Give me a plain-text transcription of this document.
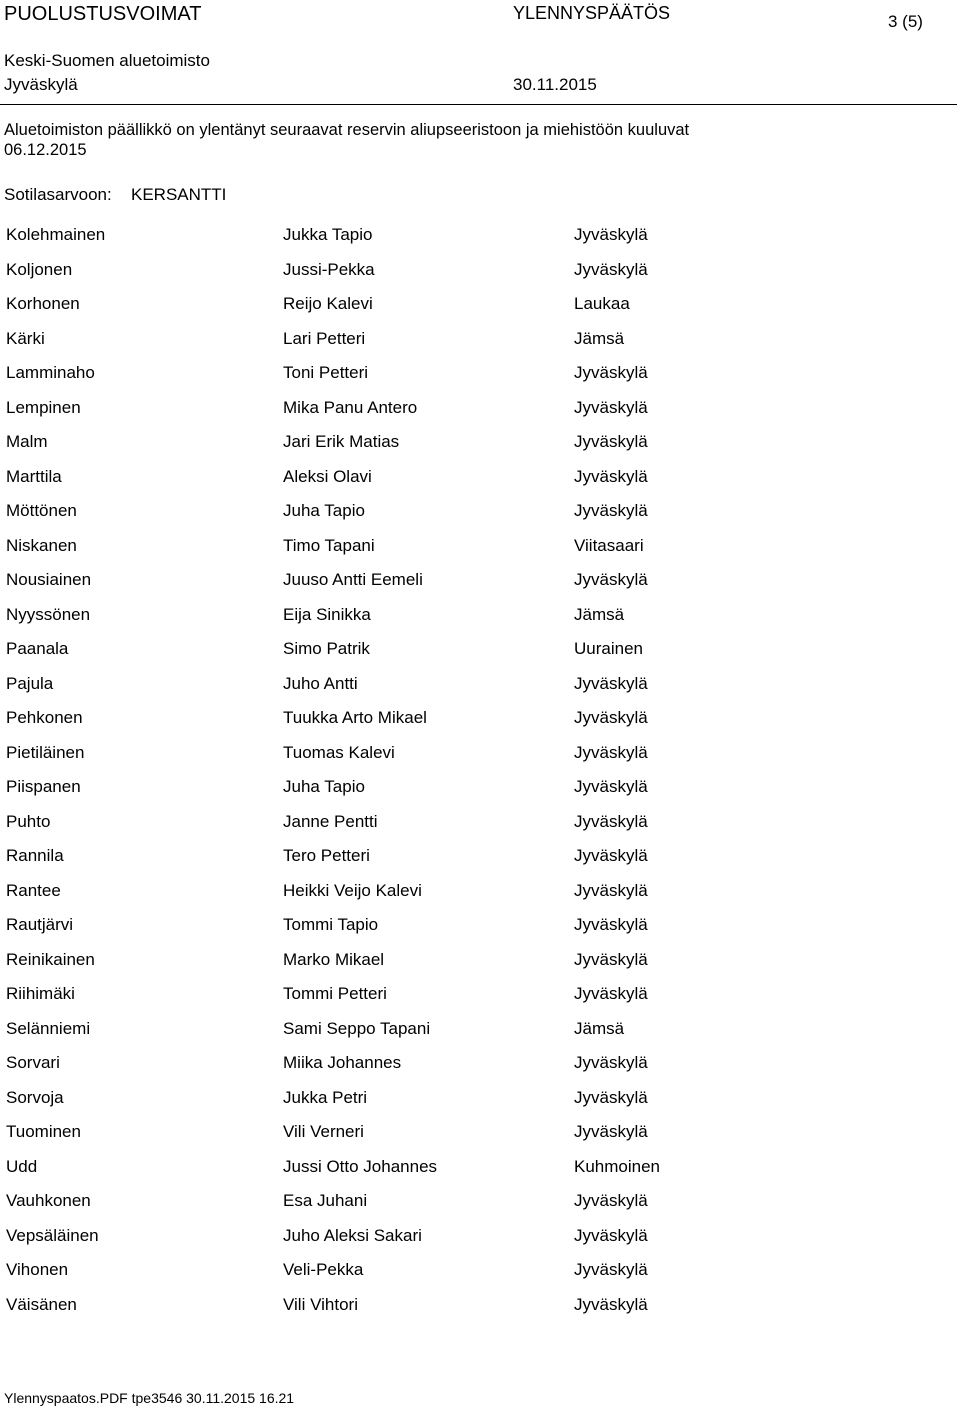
PUOLUSTUSVOIMAT	YLENNYSPÄÄTÖS	3 (5)
Keski-Suomen aluetoimisto
Jyväskylä	30.11.2015
Aluetoimiston päällikkö on ylentänyt seuraavat reservin aliupseeristoon ja miehistöön kuuluvat 06.12.2015
Sotilasarvoon: KERSANTTI
Kolehmainen	Jukka Tapio	Jyväskylä
Koljonen	Jussi-Pekka	Jyväskylä
Korhonen	Reijo Kalevi	Laukaa
Kärki	Lari Petteri	Jämsä
Lamminaho	Toni Petteri	Jyväskylä
Lempinen	Mika Panu Antero	Jyväskylä
Malm	Jari Erik Matias	Jyväskylä
Marttila	Aleksi Olavi	Jyväskylä
Möttönen	Juha Tapio	Jyväskylä
Niskanen	Timo Tapani	Viitasaari
Nousiainen	Juuso Antti Eemeli	Jyväskylä
Nyyssönen	Eija Sinikka	Jämsä
Paanala	Simo Patrik	Uurainen
Pajula	Juho Antti	Jyväskylä
Pehkonen	Tuukka Arto Mikael	Jyväskylä
Pietiläinen	Tuomas Kalevi	Jyväskylä
Piispanen	Juha Tapio	Jyväskylä
Puhto	Janne Pentti	Jyväskylä
Rannila	Tero Petteri	Jyväskylä
Rantee	Heikki Veijo Kalevi	Jyväskylä
Rautjärvi	Tommi Tapio	Jyväskylä
Reinikainen	Marko Mikael	Jyväskylä
Riihimäki	Tommi Petteri	Jyväskylä
Selänniemi	Sami Seppo Tapani	Jämsä
Sorvari	Miika Johannes	Jyväskylä
Sorvoja	Jukka Petri	Jyväskylä
Tuominen	Vili Verneri	Jyväskylä
Udd	Jussi Otto Johannes	Kuhmoinen
Vauhkonen	Esa Juhani	Jyväskylä
Vepsäläinen	Juho Aleksi Sakari	Jyväskylä
Vihonen	Veli-Pekka	Jyväskylä
Väisänen	Vili Vihtori	Jyväskylä
Ylennyspaatos.PDF tpe3546 30.11.2015 16.21
